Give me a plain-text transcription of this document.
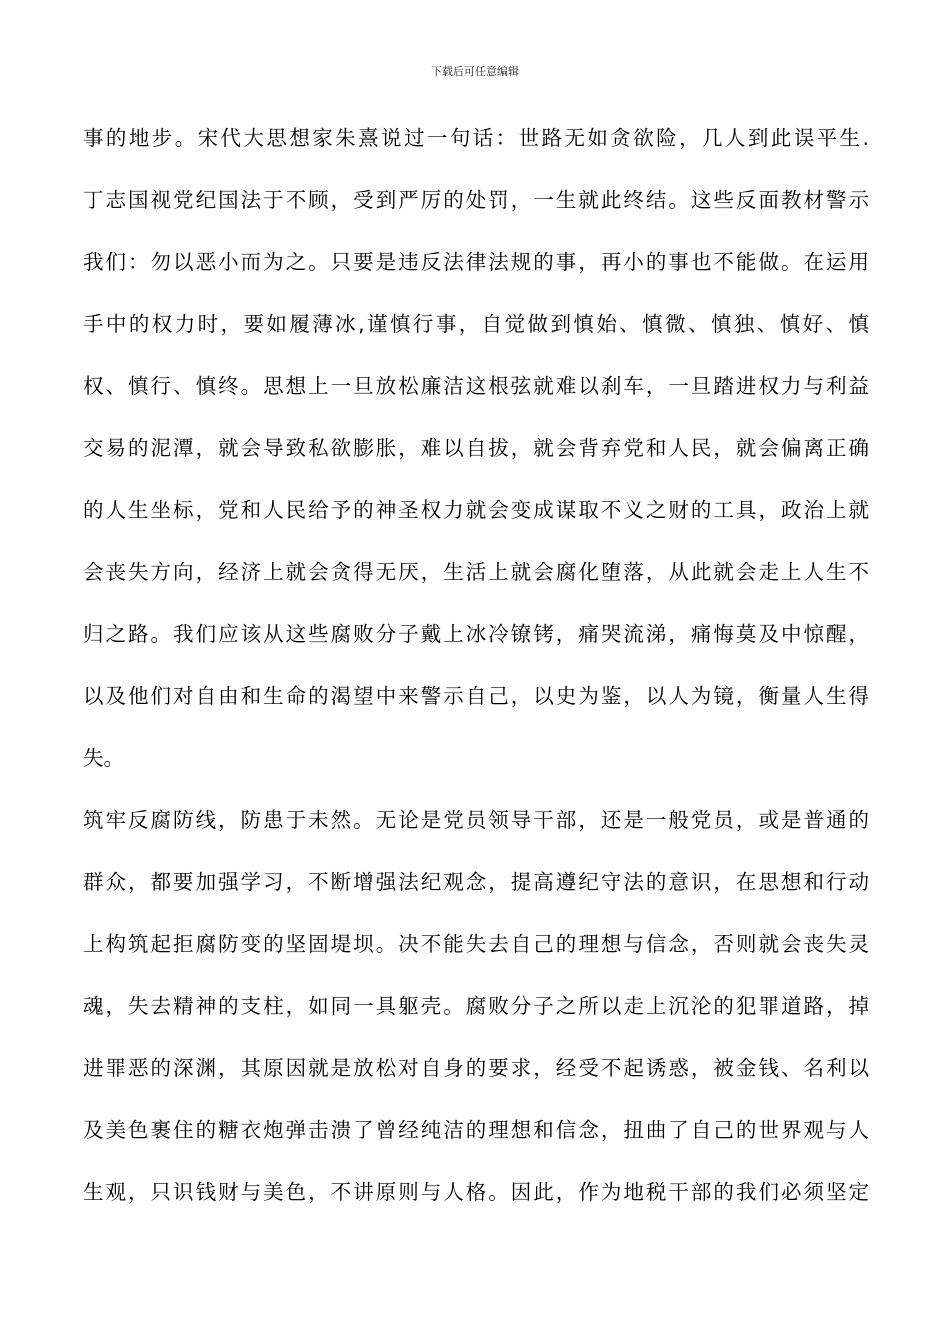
下载后可任意编辑
事的地步。宋代大思想家朱熹说过一句话：世路无如贪欲险，几人到此误平生.
丁志国视党纪国法于不顾，受到严厉的处罚，一生就此终结。这些反面教材警示
我们：勿以恶小而为之。只要是违反法律法规的事，再小的事也不能做。在运用
手中的权力时，要如履薄冰,谨慎行事，自觉做到慎始、慎微、慎独、慎好、慎
权、慎行、慎终。思想上一旦放松廉洁这根弦就难以刹车，一旦踏进权力与利益
交易的泥潭，就会导致私欲膨胀，难以自拔，就会背弃党和人民，就会偏离正确
的人生坐标，党和人民给予的神圣权力就会变成谋取不义之财的工具，政治上就
会丧失方向，经济上就会贪得无厌，生活上就会腐化堕落，从此就会走上人生不
归之路。我们应该从这些腐败分子戴上冰冷镣铐，痛哭流涕，痛悔莫及中惊醒，
以及他们对自由和生命的渴望中来警示自己，以史为鉴，以人为镜，衡量人生得
失。
筑牢反腐防线，防患于未然。无论是党员领导干部，还是一般党员，或是普通的
群众，都要加强学习，不断增强法纪观念，提高遵纪守法的意识，在思想和行动
上构筑起拒腐防变的坚固堤坝。决不能失去自己的理想与信念，否则就会丧失灵
魂，失去精神的支柱，如同一具躯壳。腐败分子之所以走上沉沦的犯罪道路，掉
进罪恶的深渊，其原因就是放松对自身的要求，经受不起诱惑，被金钱、名利以
及美色裹住的糖衣炮弹击溃了曾经纯洁的理想和信念，扭曲了自己的世界观与人
生观，只识钱财与美色，不讲原则与人格。因此，作为地税干部的我们必须坚定
